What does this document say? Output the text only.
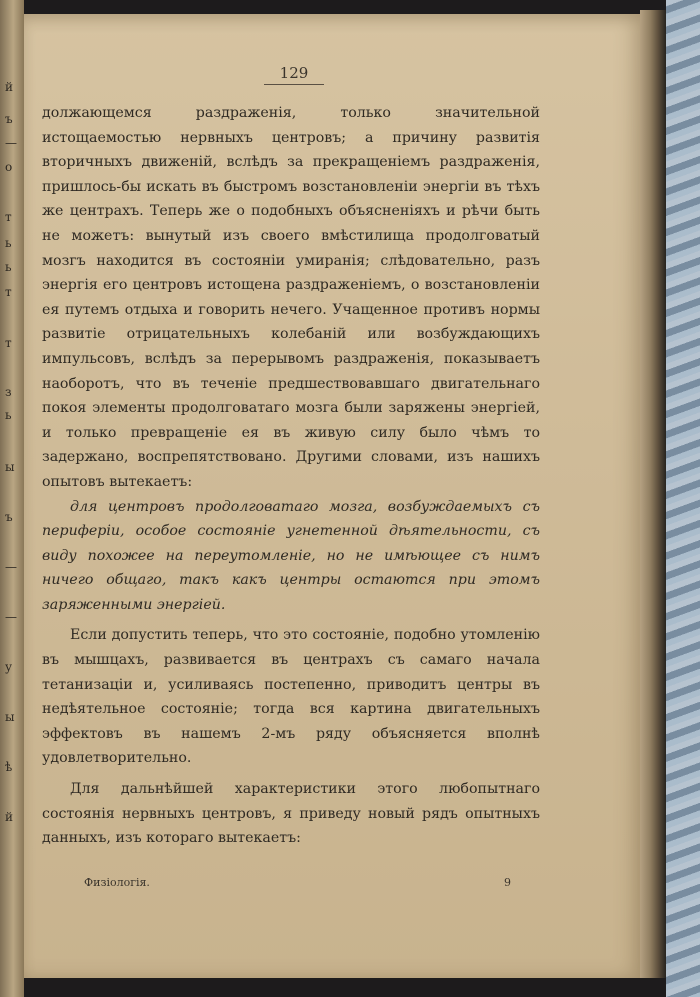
й
ъ
—
о
т
ь
ь
т
т
з
ь
ы
ъ
—
—
у
ы
ѣ
й
129

должающемся раздраженія, только значительной истощаемостью нервныхъ центровъ; а причину развитія вторичныхъ движеній, вслѣдъ за прекращеніемъ раздраженія, пришлось-бы искать въ быстромъ возстановленіи энергіи въ тѣхъ же центрахъ. Теперь же о подобныхъ объясненіяхъ и рѣчи быть не можетъ: вынутый изъ своего вмѣстилища продолговатый мозгъ находится въ состояніи умиранія; слѣдовательно, разъ энергія его центровъ истощена раздраженіемъ, о возстановленіи ея путемъ отдыха и говорить нечего. Учащенное противъ нормы развитіе отрицательныхъ колебаній или возбуждающихъ импульсовъ, вслѣдъ за перерывомъ раздраженія, показываетъ наоборотъ, что въ теченіе предшествовавшаго двигательнаго покоя элементы продолговатаго мозга были заряжены энергіей, и только превращеніе ея въ живую силу было чѣмъ то задержано, воспрепятствовано. Другими словами, изъ нашихъ опытовъ вытекаетъ:

для центровъ продолговатаго мозга, возбуждаемыхъ съ периферіи, особое состояніе угнетенной дѣятельности, съ виду похожее на переутомленіе, но не имѣющее съ нимъ ничего общаго, такъ какъ центры остаются при этомъ заряженными энергіей.

Если допустить теперь, что это состояніе, подобно утомленію въ мышцахъ, развивается въ центрахъ съ самаго начала тетанизаціи и, усиливаясь постепенно, приводитъ центры въ недѣятельное состояніе; тогда вся картина двигательныхъ эффектовъ въ нашемъ 2-мъ ряду объясняется вполнѣ удовлетворительно.

Для дальнѣйшей характеристики этого любопытнаго состоянія нервныхъ центровъ, я приведу новый рядъ опытныхъ данныхъ, изъ котораго вытекаетъ:

Физіологія.	9
